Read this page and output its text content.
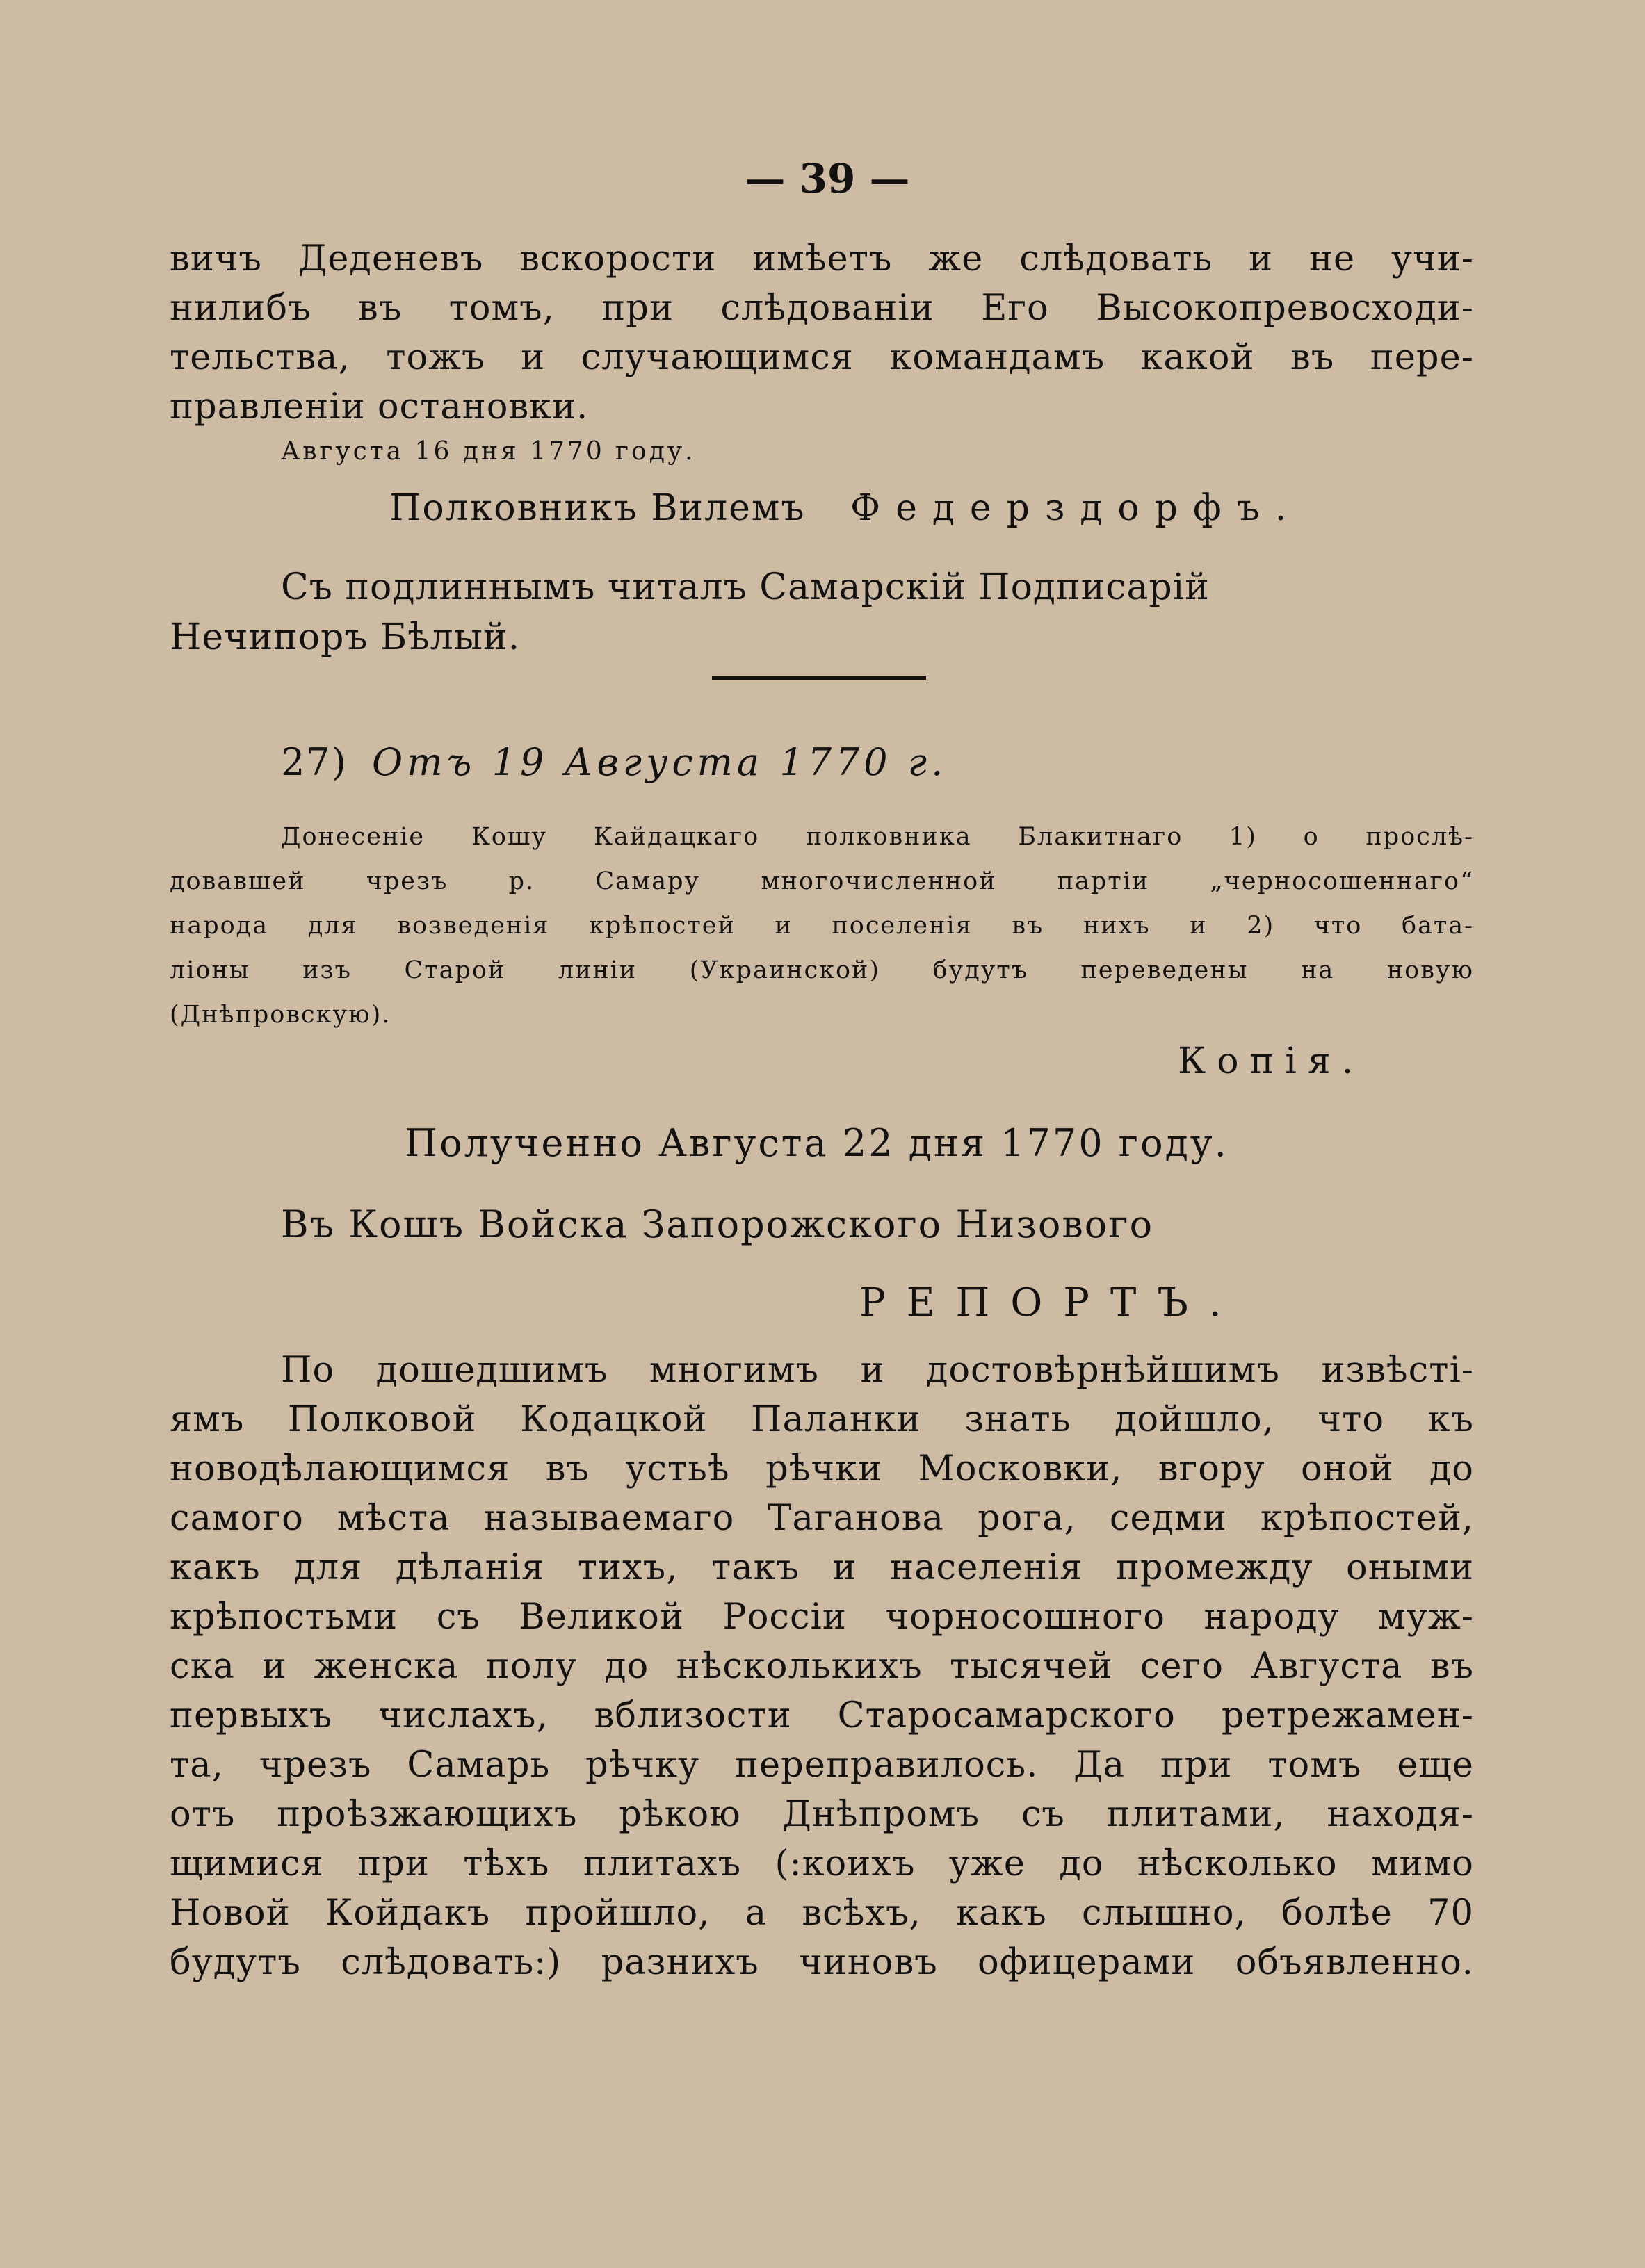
— 39 —
вичъ Деденевъ вскорости имѣетъ же слѣдовать и не учи-
нилибъ въ томъ, при слѣдованіи Его Высокопревосходи-
тельства, тожъ и случающимся командамъ какой въ пере-
правленіи остановки.
Августа 16 дня 1770 году.
Полковникъ Вилемъ Федерздорфъ.
Съ подлиннымъ читалъ Самарскій Подписарій
Нечипоръ Бѣлый.
27) Отъ 19 Августа 1770 г.
Донесеніе Кошу Кайдацкаго полковника Блакитнаго 1) о прослѣ-
довавшей чрезъ р. Самару многочисленной партіи „черносошеннаго“
народа для возведенія крѣпостей и поселенія въ нихъ и 2) что бата-
ліоны изъ Старой линіи (Украинской) будутъ переведены на новую
(Днѣпровскую).
Копія.
Полученно Августа 22 дня 1770 году.
Въ Кошъ Войска Запорожского Низового
РЕПОРТЪ.
По дошедшимъ многимъ и достовѣрнѣйшимъ извѣсті-
ямъ Полковой Кодацкой Паланки знать дойшло, что къ
новодѣлающимся въ устьѣ рѣчки Московки, вгору оной до
самого мѣста называемаго Таганова рога, седми крѣпостей,
какъ для дѣланія тихъ, такъ и населенія промежду оными
крѣпостьми съ Великой Россіи чорносошного народу муж-
ска и женска полу до нѣсколькихъ тысячей сего Августа въ
первыхъ числахъ, вблизости Старосамарского ретрежамен-
та, чрезъ Самарь рѣчку переправилось. Да при томъ еще
отъ проѣзжающихъ рѣкою Днѣпромъ съ плитами, находя-
щимися при тѣхъ плитахъ (:коихъ уже до нѣсколько мимо
Новой Койдакъ пройшло, а всѣхъ, какъ слышно, болѣе 70
будутъ слѣдовать:) разнихъ чиновъ офицерами объявленно.
